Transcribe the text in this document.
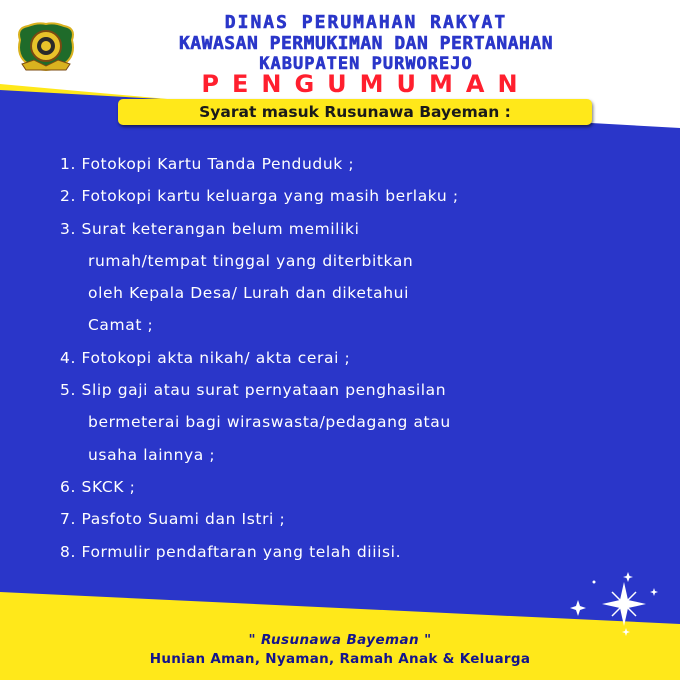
DINAS PERUMAHAN RAKYAT
KAWASAN PERMUKIMAN DAN PERTANAHAN
KABUPATEN PURWOREJO
PENGUMUMAN
Syarat masuk Rusunawa Bayeman :
1. Fotokopi Kartu Tanda Penduduk ;
2. Fotokopi kartu keluarga yang masih berlaku ;
3. Surat keterangan belum memiliki
rumah/tempat tinggal yang diterbitkan
oleh Kepala Desa/ Lurah dan diketahui
Camat ;
4. Fotokopi akta nikah/ akta cerai ;
5. Slip gaji atau surat pernyataan penghasilan
bermeterai bagi wiraswasta/pedagang atau
usaha lainnya ;
6. SKCK ;
7. Pasfoto Suami dan Istri ;
8. Formulir pendaftaran yang telah diiisi.
" Rusunawa Bayeman "
Hunian Aman, Nyaman, Ramah Anak & Keluarga
